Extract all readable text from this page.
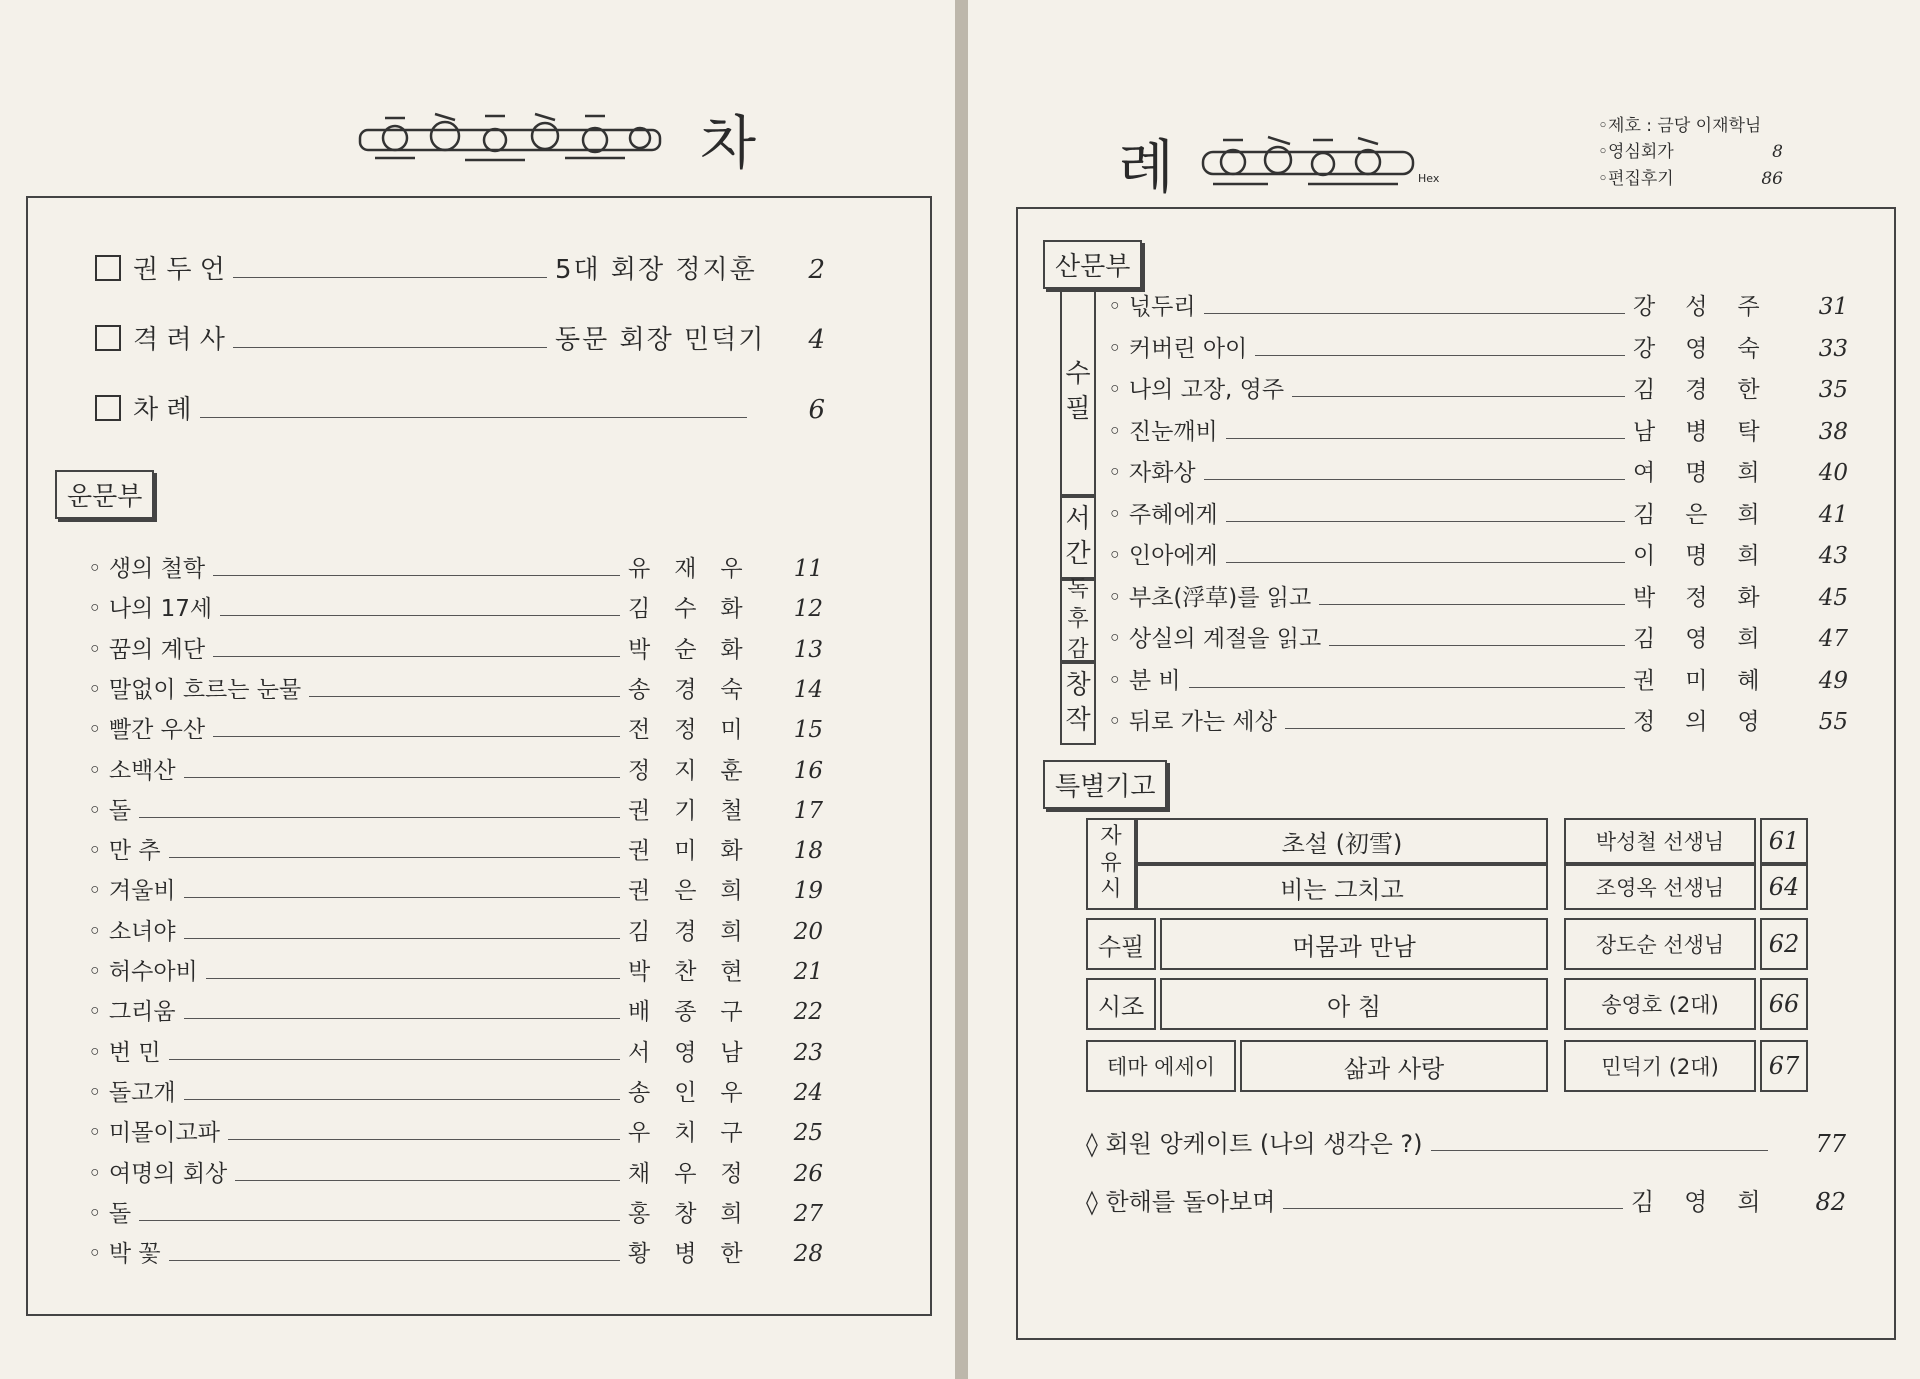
차
권 두 언	5대 회장 정지훈	2
격 려 사	동문 회장 민덕기	4
차 례	6
운문부
◦ 생의 철학	유재우	11
◦ 나의 17세	김수화	12
◦ 꿈의 계단	박순화	13
◦ 말없이 흐르는 눈물	송경숙	14
◦ 빨간 우산	전정미	15
◦ 소백산	정지훈	16
◦ 돌	권기철	17
◦ 만 추	권미화	18
◦ 겨울비	권은희	19
◦ 소녀야	김경희	20
◦ 허수아비	박찬현	21
◦ 그리움	배종구	22
◦ 번 민	서영남	23
◦ 돌고개	송인우	24
◦ 미몰이고파	우치구	25
◦ 여명의 회상	채우정	26
◦ 돌	홍창희	27
◦ 박 꽃	황병한	28
례	Hex
◦제호 : 금당 이재학님
◦영심회가	8
◦편집후기	86
산문부
수
필
서
간
독
후
감
창
작
◦ 넋두리	강성주	31
◦ 커버린 아이	강영숙	33
◦ 나의 고장, 영주	김경한	35
◦ 진눈깨비	남병탁	38
◦ 자화상	여명희	40
◦ 주혜에게	김은희	41
◦ 인아에게	이명희	43
◦ 부초(浮草)를 읽고	박정화	45
◦ 상실의 계절을 읽고	김영희	47
◦ 분 비	권미혜	49
◦ 뒤로 가는 세상	정의영	55
특별기고
자
유
시
초설 (初雪)	박성철 선생님	61
비는 그치고	조영옥 선생님	64
수필	머뭄과 만남	장도순 선생님	62
시조	아 침	송영호 (2대)	66
테마 에세이	삶과 사랑	민덕기 (2대)	67
◊ 회원 앙케이트 (나의 생각은 ?)	77
◊ 한해를 돌아보며	김영희	82
